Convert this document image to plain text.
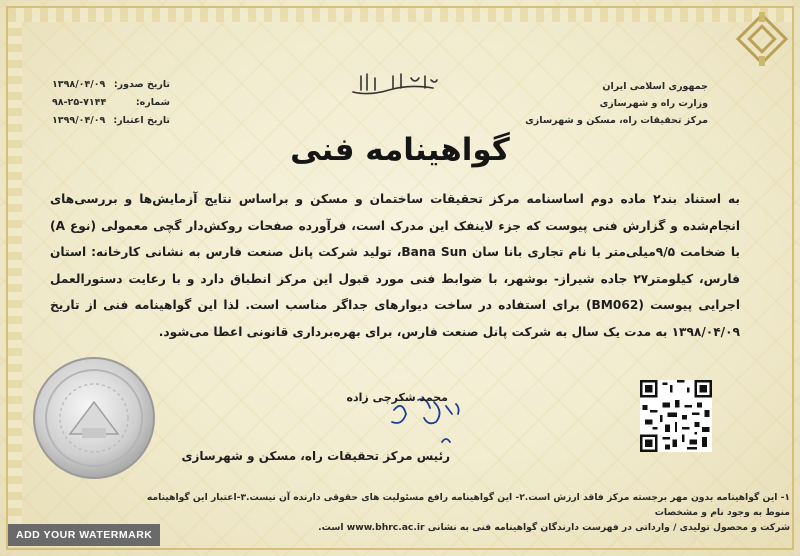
جمهوری اسلامی ایران
وزارت راه و شهرسازی
مرکز تحقیقات راه، مسکن و شهرسازی
تاریخ صدور:
۱۳۹۸/۰۴/۰۹
شماره:
۹۸-۲۵-۷۱۴۴
تاریخ اعتبار:
۱۳۹۹/۰۴/۰۹
گواهینامه فنی
به استناد بند۲ ماده دوم اساسنامه مرکز تحقیقات ساختمان و مسکن و براساس نتایج آزمایش‌ها و بررسی‌های انجام‌شده و گزارش فنی پیوست که جزء لاینفک این مدرک است، فرآورده صفحات روکش‌دار گچی معمولی (نوع A) با ضخامت ۹/۵میلی‌متر با نام تجاری بانا سان Bana Sun، تولید شرکت پانل صنعت فارس به نشانی کارخانه: استان فارس، کیلومتر۲۷ جاده شیراز- بوشهر، با ضوابط فنی مورد قبول این مرکز انطباق دارد و با رعایت دستورالعمل اجرایی پیوست (BM062) برای استفاده در ساخت دیوارهای جداگر مناسب است. لذا این گواهینامه فنی از تاریخ ۱۳۹۸/۰۴/۰۹ به مدت یک سال به شرکت پانل صنعت فارس، برای بهره‌برداری قانونی اعطا می‌شود.
محمد شکرچی زاده
رئیس مرکز تحقیقات راه، مسکن و شهرسازی
۱- این گواهینامه بدون مهر برجسته مرکز فاقد ارزش است.۲- این گواهینامه رافع مسئولیت های حقوقی دارنده آن نیست.۳-اعتبار این گواهینامه منوط به وجود نام و مشخصات
شرکت و محصول تولیدی / وارداتی در فهرست دارندگان گواهینامه فنی به نشانی www.bhrc.ac.ir است.
ADD YOUR WATERMARK
